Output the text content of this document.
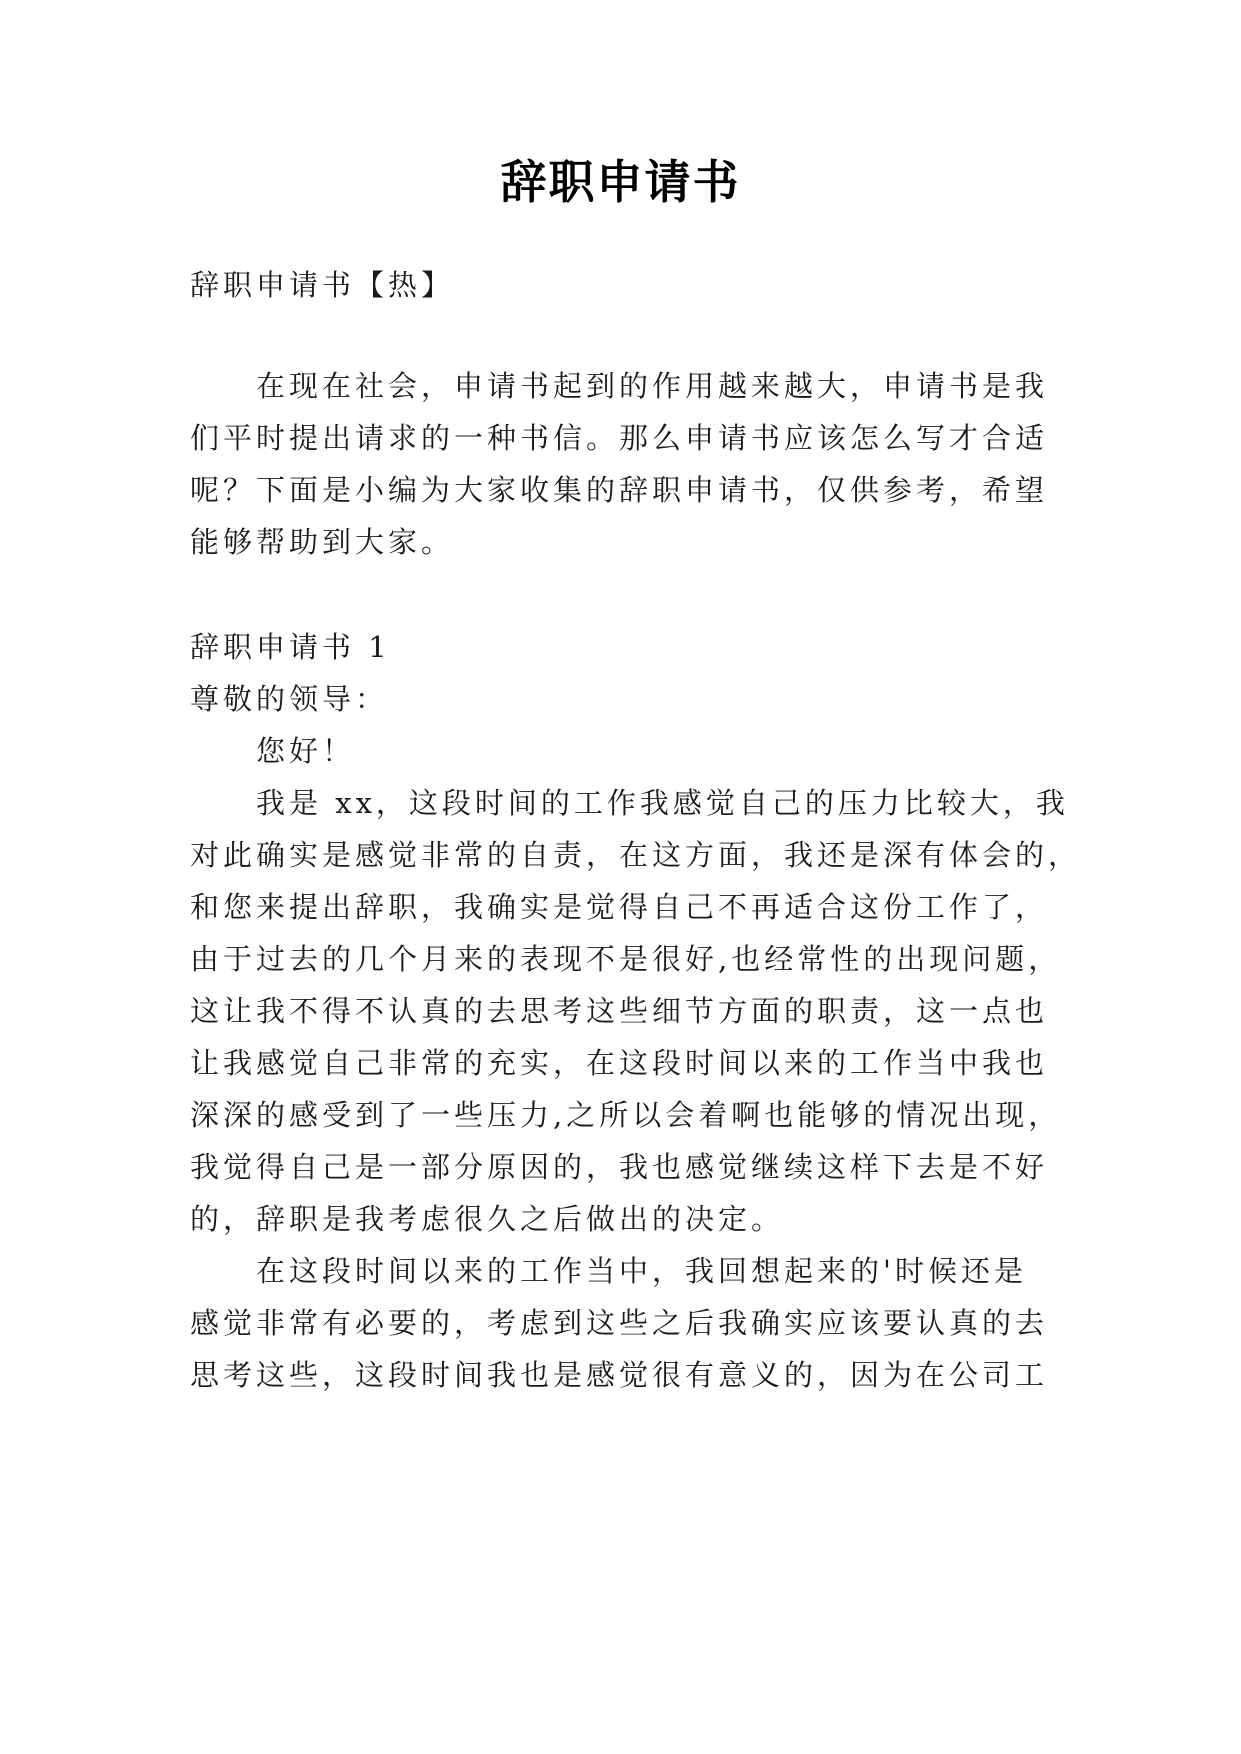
辞职申请书
辞职申请书【热】
在现在社会，申请书起到的作用越来越大，申请书是我
们平时提出请求的一种书信。那么申请书应该怎么写才合适
呢？下面是小编为大家收集的辞职申请书，仅供参考，希望
能够帮助到大家。
辞职申请书 1
尊敬的领导：
您好！
我是 xx，这段时间的工作我感觉自己的压力比较大，我
对此确实是感觉非常的自责，在这方面，我还是深有体会的，
和您来提出辞职，我确实是觉得自己不再适合这份工作了，
由于过去的几个月来的表现不是很好,也经常性的出现问题，
这让我不得不认真的去思考这些细节方面的职责，这一点也
让我感觉自己非常的充实，在这段时间以来的工作当中我也
深深的感受到了一些压力,之所以会着啊也能够的情况出现，
我觉得自己是一部分原因的，我也感觉继续这样下去是不好
的，辞职是我考虑很久之后做出的决定。
在这段时间以来的工作当中，我回想起来的'时候还是
感觉非常有必要的，考虑到这些之后我确实应该要认真的去
思考这些，这段时间我也是感觉很有意义的，因为在公司工
